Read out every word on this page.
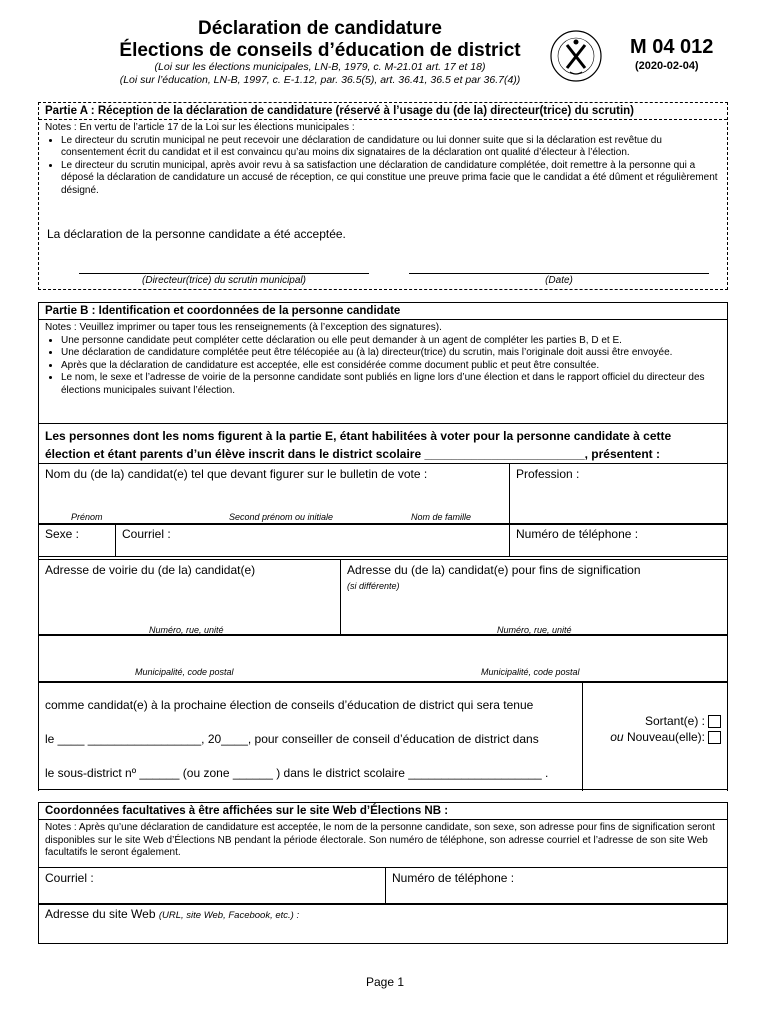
Déclaration de candidature
Élections de conseils d’éducation de district
(Loi sur les élections municipales, LN-B, 1979, c. M-21.01 art. 17 et 18)
(Loi sur l’éducation, LN-B, 1997, c. E-1.12, par. 36.5(5), art. 36.41, 36.5 et par 36.7(4))
M 04 012
(2020-02-04)
Partie A : Réception de la déclaration de candidature (réservé à l’usage du (de la) directeur(trice) du scrutin)
Notes : En vertu de l’article 17 de la Loi sur les élections municipales :
• Le directeur du scrutin municipal ne peut recevoir une déclaration de candidature ou lui donner suite que si la déclaration est revêtue du consentement écrit du candidat et il est convaincu qu’au moins dix signataires de la déclaration ont qualité d’électeur à l’élection.
• Le directeur du scrutin municipal, après avoir revu à sa satisfaction une déclaration de candidature complétée, doit remettre à la personne qui a déposé la déclaration de candidature un accusé de réception, ce qui constitue une preuve prima facie que le candidat a été dûment et régulièrement désigné.
La déclaration de la personne candidate a été acceptée.
(Directeur(trice) du scrutin municipal)	(Date)
Partie B : Identification et coordonnées de la personne candidate
Notes : Veuillez imprimer ou taper tous les renseignements (à l’exception des signatures).
• Une personne candidate peut compléter cette déclaration ou elle peut demander à un agent de compléter les parties B, D et E.
• Une déclaration de candidature complétée peut être télécopiée au (à la) directeur(trice) du scrutin, mais l’originale doit aussi être envoyée.
• Après que la déclaration de candidature est acceptée, elle est considérée comme document public et peut être consultée.
• Le nom, le sexe et l’adresse de voirie de la personne candidate sont publiés en ligne lors d’une élection et dans le rapport officiel du directeur des élections municipales suivant l’élection.
Les personnes dont les noms figurent à la partie E, étant habilitées à voter pour la personne candidate à cette
élection et étant parents d’un élève inscrit dans le district scolaire ________________________, présentent :
Nom du (de la) candidat(e) tel que devant figurer sur le bulletin de vote :	Profession :
Prénom	Second prénom ou initiale	Nom de famille
Sexe :	Courriel :	Numéro de téléphone :
Adresse de voirie du (de la) candidat(e)	Adresse du (de la) candidat(e) pour fins de signification
(si différente)
Numéro, rue, unité	Numéro, rue, unité
Municipalité, code postal	Municipalité, code postal
comme candidat(e) à la prochaine élection de conseils d’éducation de district qui sera tenue
le ____ _________________, 20____, pour conseiller de conseil d’éducation de district dans
le sous-district nº ______ (ou zone ______ ) dans le district scolaire ____________________ .
Sortant(e) :
ou Nouveau(elle):
Coordonnées facultatives à être affichées sur le site Web d’Élections NB :
Notes : Après qu’une déclaration de candidature est acceptée, le nom de la personne candidate, son sexe, son adresse pour fins de signification seront disponibles sur le site Web d’Élections NB pendant la période électorale. Son numéro de téléphone, son adresse courriel et l’adresse de son site Web facultatifs le seront également.
Courriel :	Numéro de téléphone :
Adresse du site Web (URL, site Web, Facebook, etc.) :
Page 1
